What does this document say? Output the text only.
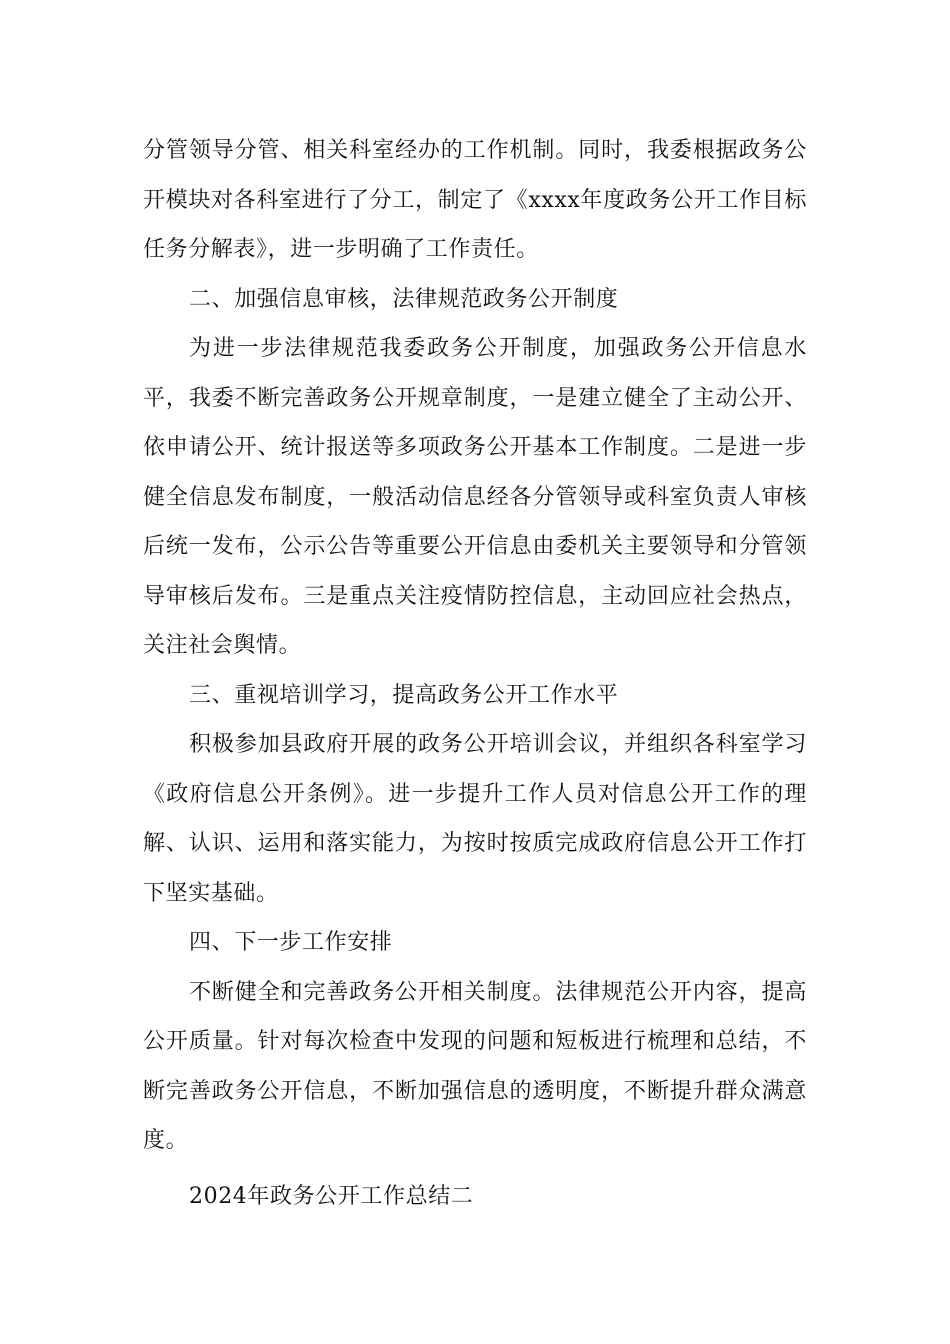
分管领导分管、相关科室经办的工作机制。同时，我委根据政务公开模块对各科室进行了分工，制定了《xxxx年度政务公开工作目标任务分解表》，进一步明确了工作责任。

二、加强信息审核，法律规范政务公开制度

为进一步法律规范我委政务公开制度，加强政务公开信息水平，我委不断完善政务公开规章制度，一是建立健全了主动公开、依申请公开、统计报送等多项政务公开基本工作制度。二是进一步健全信息发布制度，一般活动信息经各分管领导或科室负责人审核后统一发布，公示公告等重要公开信息由委机关主要领导和分管领导审核后发布。三是重点关注疫情防控信息，主动回应社会热点，关注社会舆情。

三、重视培训学习，提高政务公开工作水平

积极参加县政府开展的政务公开培训会议，并组织各科室学习《政府信息公开条例》。进一步提升工作人员对信息公开工作的理解、认识、运用和落实能力，为按时按质完成政府信息公开工作打下坚实基础。

四、下一步工作安排

不断健全和完善政务公开相关制度。法律规范公开内容，提高公开质量。针对每次检查中发现的问题和短板进行梳理和总结，不断完善政务公开信息，不断加强信息的透明度，不断提升群众满意度。

2024年政务公开工作总结二
